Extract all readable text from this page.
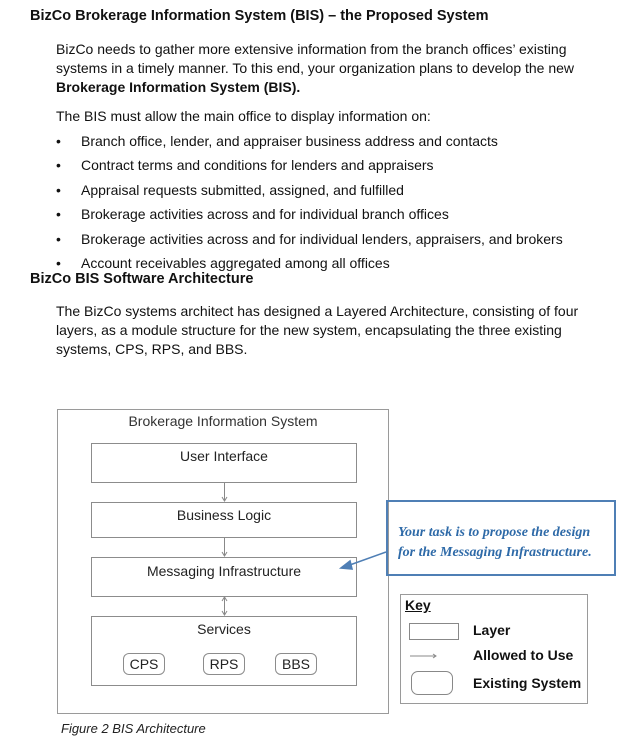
BizCo Brokerage Information System (BIS) – the Proposed System
BizCo needs to gather more extensive information from the branch offices’ existing
systems in a timely manner. To this end, your organization plans to develop the new
Brokerage Information System (BIS).
The BIS must allow the main office to display information on:
• Branch office, lender, and appraiser business address and contacts
• Contract terms and conditions for lenders and appraisers
• Appraisal requests submitted, assigned, and fulfilled
• Brokerage activities across and for individual branch offices
• Brokerage activities across and for individual lenders, appraisers, and brokers
• Account receivables aggregated among all offices
BizCo BIS Software Architecture
The BizCo systems architect has designed a Layered Architecture, consisting of four
layers, as a module structure for the new system, encapsulating the three existing
systems, CPS, RPS, and BBS.
Brokerage Information System
User Interface
Business Logic
Messaging Infrastructure
Services
CPS	RPS	BBS
Your task is to propose the design
for the Messaging Infrastructure.
Key
Layer
Allowed to Use
Existing System
Figure 2 BIS Architecture
